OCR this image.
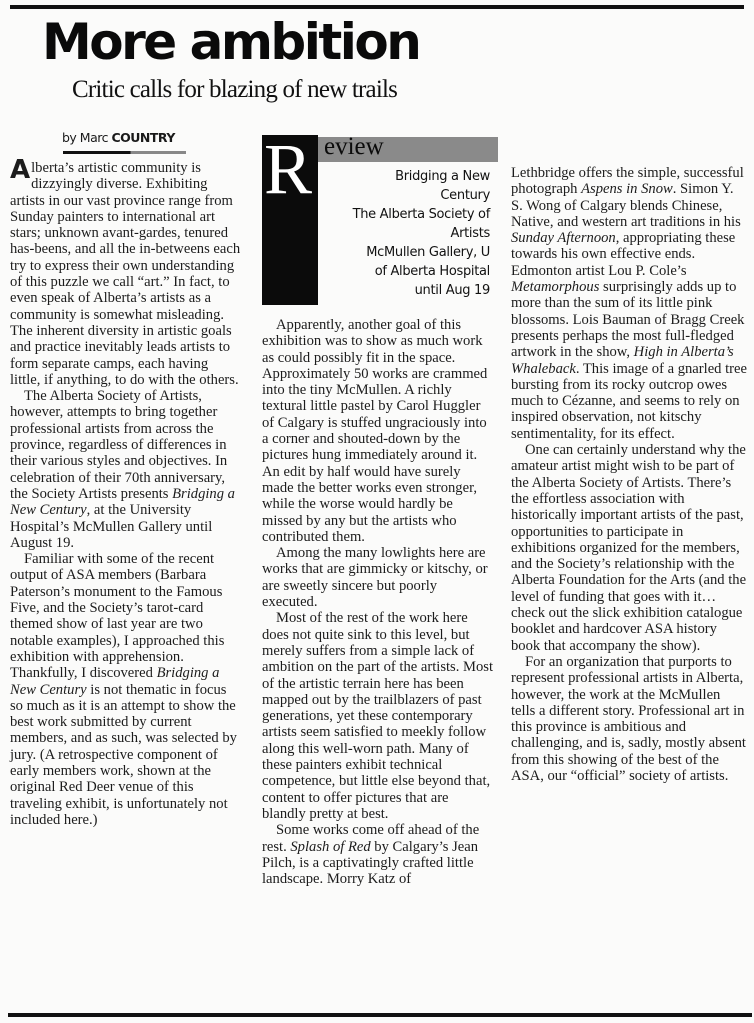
More ambition
Critic calls for blazing of new trails
by Marc COUNTRY

Alberta’s artistic community is dizzyingly diverse. Exhibiting artists in our vast province range from Sunday painters to international art stars; unknown avant-gardes, tenured has-beens, and all the in-betweens each try to express their own understanding of this puzzle we call “art.” In fact, to even speak of Alberta’s artists as a community is somewhat misleading. The inherent diversity in artistic goals and practice inevitably leads artists to form separate camps, each having little, if anything, to do with the others.

The Alberta Society of Artists, however, attempts to bring together professional artists from across the province, regardless of differences in their various styles and objectives. In celebration of their 70th anniversary, the Society Artists presents Bridging a New Century, at the University Hospital’s McMullen Gallery until August 19.

Familiar with some of the recent output of ASA members (Barbara Paterson’s monument to the Famous Five, and the Society’s tarot-card themed show of last year are two notable examples), I approached this exhibition with apprehension. Thankfully, I discovered Bridging a New Century is not thematic in focus so much as it is an attempt to show the best work submitted by current members, and as such, was selected by jury. (A retrospective component of early members work, shown at the original Red Deer venue of this traveling exhibit, is unfortunately not included here.)

R eview
Bridging a New
Century
The Alberta Society of
Artists
McMullen Gallery, U
of Alberta Hospital
until Aug 19

Apparently, another goal of this exhibition was to show as much work as could possibly fit in the space. Approximately 50 works are crammed into the tiny McMullen. A richly textural little pastel by Carol Huggler of Calgary is stuffed ungraciously into a corner and shouted-down by the pictures hung immediately around it. An edit by half would have surely made the better works even stronger, while the worse would hardly be missed by any but the artists who contributed them.

Among the many lowlights here are works that are gimmicky or kitschy, or are sweetly sincere but poorly executed.

Most of the rest of the work here does not quite sink to this level, but merely suffers from a simple lack of ambition on the part of the artists. Most of the artistic terrain here has been mapped out by the trailblazers of past generations, yet these contemporary artists seem satisfied to meekly follow along this well-worn path. Many of these painters exhibit technical competence, but little else beyond that, content to offer pictures that are blandly pretty at best.

Some works come off ahead of the rest. Splash of Red by Calgary’s Jean Pilch, is a captivatingly crafted little landscape. Morry Katz of

Lethbridge offers the simple, successful photograph Aspens in Snow. Simon Y. S. Wong of Calgary blends Chinese, Native, and western art traditions in his Sunday Afternoon, appropriating these towards his own effective ends. Edmonton artist Lou P. Cole’s Metamorphous surprisingly adds up to more than the sum of its little pink blossoms. Lois Bauman of Bragg Creek presents perhaps the most full-fledged artwork in the show, High in Alberta’s Whaleback. This image of a gnarled tree bursting from its rocky outcrop owes much to Cézanne, and seems to rely on inspired observation, not kitschy sentimentality, for its effect.

One can certainly understand why the amateur artist might wish to be part of the Alberta Society of Artists. There’s the effortless association with historically important artists of the past, opportunities to participate in exhibitions organized for the members, and the Society’s relationship with the Alberta Foundation for the Arts (and the level of funding that goes with it… check out the slick exhibition catalogue booklet and hardcover ASA history book that accompany the show).

For an organization that purports to represent professional artists in Alberta, however, the work at the McMullen tells a different story. Professional art in this province is ambitious and challenging, and is, sadly, mostly absent from this showing of the best of the ASA, our “official” society of artists.
